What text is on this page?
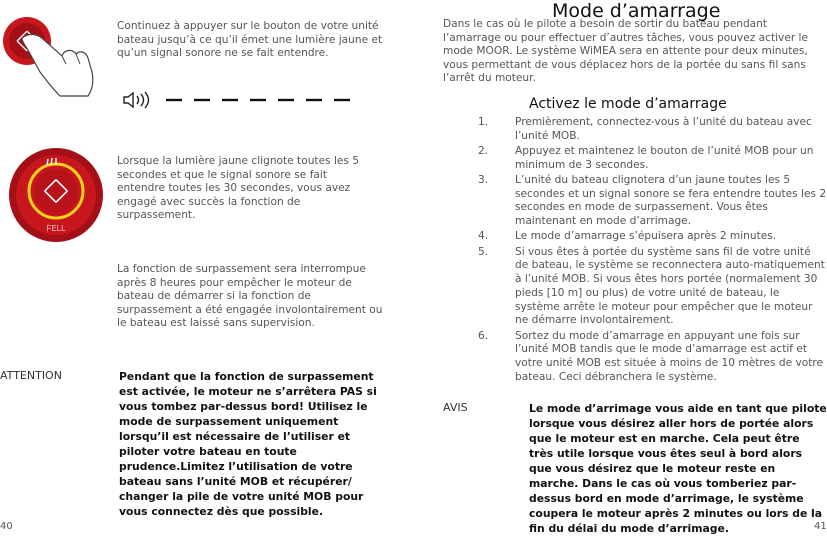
Continuez à appuyer sur le bouton de votre unité bateau jusqu’à ce qu’il émet une lumière jaune et qu’un signal sonore ne se fait entendre.
FELL
Lorsque la lumière jaune clignote toutes les 5 secondes et que le signal sonore se fait entendre toutes les 30 secondes, vous avez engagé avec succès la fonction de surpassement.
La fonction de surpassement sera interrompue après 8 heures pour empêcher le moteur de bateau de démarrer si la fonction de surpassement a été engagée involontairement ou le bateau est laissé sans supervision.
ATTENTION	Pendant que la fonction de surpassement est activée, le moteur ne s’arrêtera PAS si vous tombez par-dessus bord! Utilisez le mode de surpassement uniquement lorsqu’il est nécessaire de l’utiliser et piloter votre bateau en toute prudence.Limitez l’utilisation de votre bateau sans l’unité MOB et récupérer/ changer la pile de votre unité MOB pour vous connectez dès que possible.
40
Mode d’amarrage
Dans le cas où le pilote a besoin de sortir du bateau pendant l’amarrage ou pour effectuer d’autres tâches, vous pouvez activer le mode MOOR. Le système WiMEA sera en attente pour deux minutes, vous permettant de vous déplacez hors de la portée du sans fil sans l’arrêt du moteur.
Activez le mode d’amarrage
1.	Premièrement, connectez-vous à l’unité du bateau avec l’unité MOB.
2.	Appuyez et maintenez le bouton de l’unité MOB pour un minimum de 3 secondes.
3.	L’unité du bateau clignotera d’un jaune toutes les 5 secondes et un signal sonore se fera entendre toutes les 2 secondes en mode de surpassement. Vous êtes maintenant en mode d’arrimage.
4.	Le mode d’amarrage s’épuisera après 2 minutes.
5.	Si vous êtes à portée du système sans fil de votre unité de bateau, le système se reconnectera auto-matiquement à l’unité MOB. Si vous êtes hors portée (normalement 30 pieds [10 m] ou plus) de votre unité de bateau, le système arrête le moteur pour empêcher que le moteur ne démarre involontairement.
6.	Sortez du mode d’amarrage en appuyant une fois sur l’unité MOB tandis que le mode d’amarrage est actif et votre unité MOB est située à moins de 10 mètres de votre bateau. Ceci débranchera le système.
AVIS	Le mode d’arrimage vous aide en tant que pilote lorsque vous désirez aller hors de portée alors que le moteur est en marche. Cela peut être très utile lorsque vous êtes seul à bord alors que vous désirez que le moteur reste en marche. Dans le cas où vous tomberiez par-dessus bord en mode d’arrimage, le système coupera le moteur après 2 minutes ou lors de la fin du délai du mode d’arrimage.	41
